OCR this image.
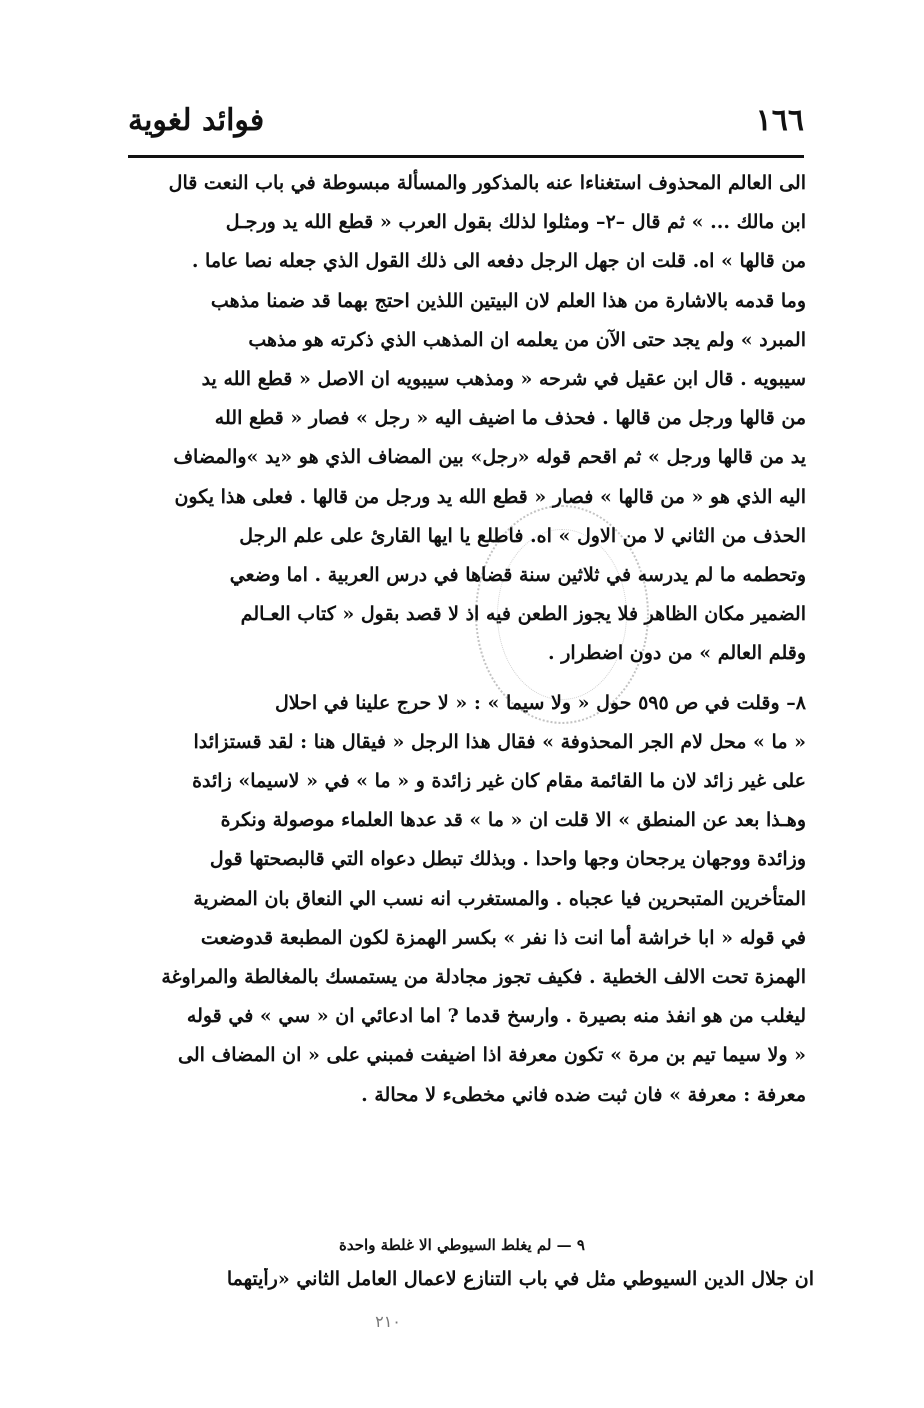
١٦٦
فوائد لغوية

الى العالم المحذوف استغناءا عنه بالمذكور والمسألة مبسوطة في باب النعت قال
ابن مالك ... » ثم قال –٢– ومثلوا لذلك بقول العرب « قطع الله يد ورجـل
من قالها » اه. قلت ان جهل الرجل دفعه الى ذلك القول الذي جعله نصا عاما .
وما قدمه بالاشارة من هذا العلم لان البيتين اللذين احتج بهما قد ضمنا مذهب
المبرد » ولم يجد حتى الآن من يعلمه ان المذهب الذي ذكرته هو مذهب
سيبويه . قال ابن عقيل في شرحه « ومذهب سيبويه ان الاصل « قطع الله يد
من قالها ورجل من قالها . فحذف ما اضيف اليه « رجل » فصار « قطع الله
يد من قالها ورجل » ثم اقحم قوله «رجل» بين المضاف الذي هو «يد »والمضاف
اليه الذي هو « من قالها » فصار « قطع الله يد ورجل من قالها . فعلى هذا يكون
الحذف من الثاني لا من الاول » اه. فاطلع يا ايها القارئ على علم الرجل
وتحطمه ما لم يدرسه في ثلاثين سنة قضاها في درس العربية . اما وضعي
الضمير مكان الظاهر فلا يجوز الطعن فيه اذ لا قصد بقول « كتاب العـالم
وقلم العالم » من دون اضطرار .

٨– وقلت في ص ٥٩٥ حول « ولا سيما » : « لا حرج علينا في احلال
« ما » محل لام الجر المحذوفة » فقال هذا الرجل « فيقال هنا : لقد قستزائدا
على غير زائد لان ما القائمة مقام كان غير زائدة و « ما » في « لاسيما» زائدة
وهـذا بعد عن المنطق » الا قلت ان « ما » قد عدها العلماء موصولة ونكرة
وزائدة ووجهان يرجحان وجها واحدا . وبذلك تبطل دعواه التي قالبصحتها قول
المتأخرين المتبحرين فيا عجباه . والمستغرب انه نسب الي النعاق بان المضرية
في قوله « ابا خراشة أما انت ذا نفر » بكسر الهمزة لكون المطبعة قدوضعت
الهمزة تحت الالف الخطية . فكيف تجوز مجادلة من يستمسك بالمغالطة والمراوغة
ليغلب من هو انفذ منه بصيرة . وارسخ قدما ? اما ادعائي ان « سي » في قوله
« ولا سيما تيم بن مرة » تكون معرفة اذا اضيفت فمبني على « ان المضاف الى
معرفة : معرفة » فان ثبت ضده فاني مخطىء لا محالة .

٩ — لم يغلط السيوطي الا غلطة واحدة
ان جلال الدين السيوطي مثل في باب التنازع لاعمال العامل الثاني «رأيتهما
٢١٠
